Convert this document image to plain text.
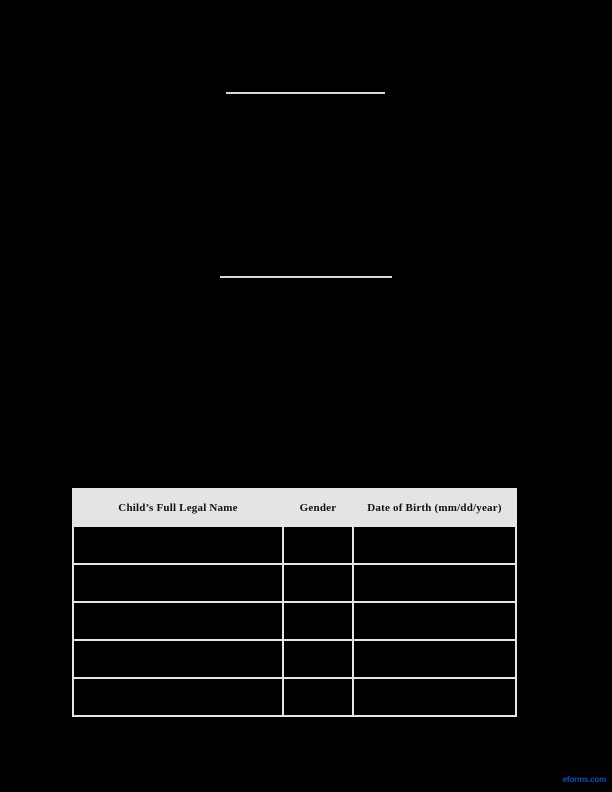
Child’s Full Legal Name	Gender	Date of Birth (mm/dd/year)

eforms.com
